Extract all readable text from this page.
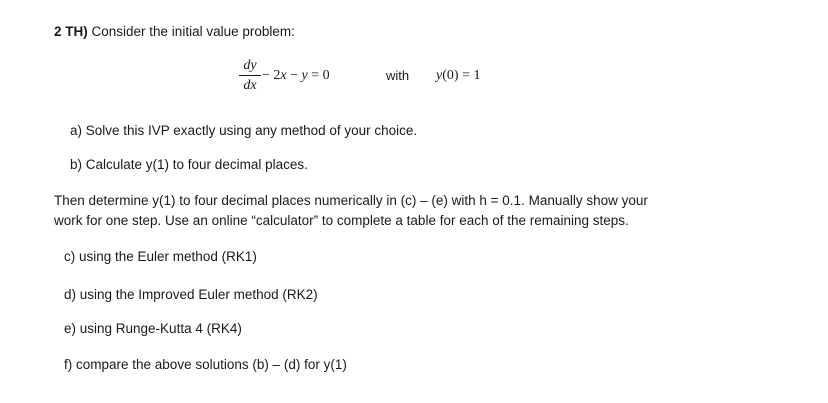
2 TH) Consider the initial value problem:
dy
dx
− 2x − y = 0	with y(0) = 1
a) Solve this IVP exactly using any method of your choice.
b) Calculate y(1) to four decimal places.
Then determine y(1) to four decimal places numerically in (c) – (e) with h = 0.1. Manually show your
work for one step. Use an online “calculator” to complete a table for each of the remaining steps.
c) using the Euler method (RK1)
d) using the Improved Euler method (RK2)
e) using Runge-Kutta 4 (RK4)
f) compare the above solutions (b) – (d) for y(1)
